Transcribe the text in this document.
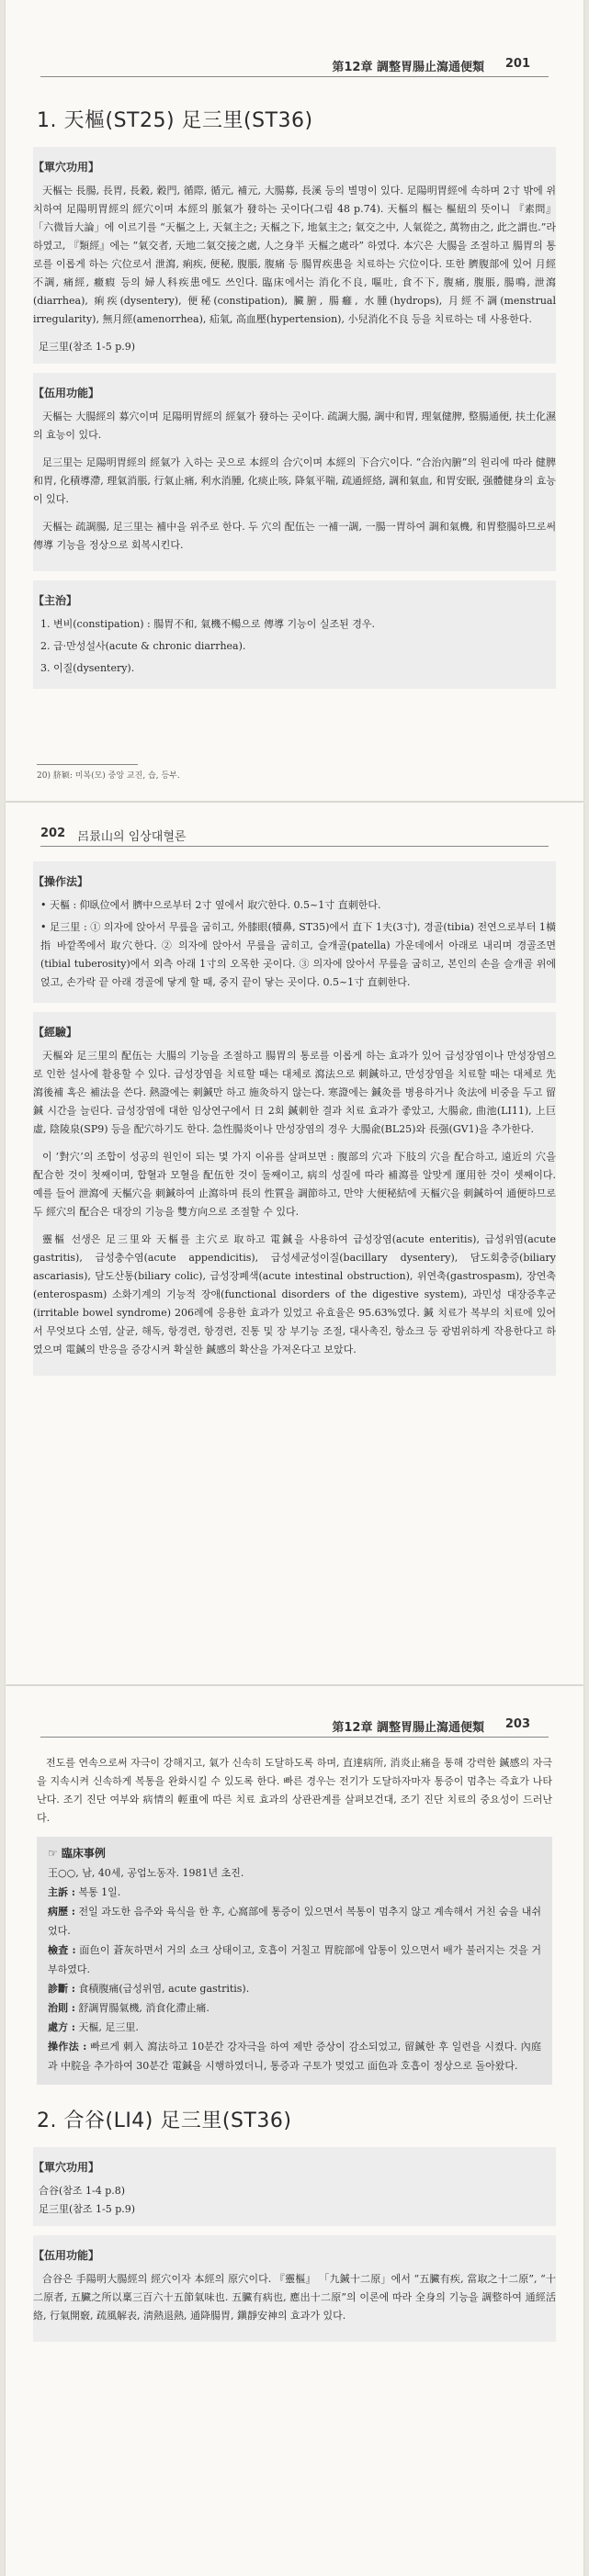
第12章 調整胃腸止瀉通便類 201
1. 天樞(ST25) 足三里(ST36)
【單穴功用】

天樞는 長腸, 長胃, 長穀, 穀門, 循際, 循元, 補元, 大腸募, 長溪 등의 별명이 있다. 足陽明胃經에 속하며 2寸 밖에 위치하여 足陽明胃經의 經穴이며 本經의 脈氣가 發하는 곳이다(그림 48 p.74). 天樞의 樞는 樞紐의 뜻이니 『素問』 「六微旨大論」에 이르기를 “天樞之上, 天氣主之; 天樞之下, 地氣主之; 氣交之中, 人氣從之, 萬物由之, 此之謂也.”라 하였고, 『類經』에는 “氣交者, 天地二氣交接之處, 人之身半 天樞之處라” 하였다. 本穴은 大腸을 조절하고 腸胃의 통로를 이롭게 하는 穴位로서 泄瀉, 痢疾, 便秘, 腹脹, 腹痛 등 腸胃疾患을 치료하는 穴位이다. 또한 臍腹部에 있어 月經不調, 痛經, 癥瘕 등의 婦人科疾患에도 쓰인다. 臨床에서는 消化不良, 嘔吐, 食不下, 腹痛, 腹脹, 腸鳴, 泄瀉(diarrhea), 痢疾(dysentery), 便秘(constipation), 臟腑, 腸癰, 水腫(hydrops), 月經不調(menstrual irregularity), 無月經(amenorrhea), 疝氣, 高血壓(hypertension), 小兒消化不良 등을 치료하는 데 사용한다.

足三里(참조 1-5 p.9)
【伍用功能】

天樞는 大腸經의 募穴이며 足陽明胃經의 經氣가 發하는 곳이다. 疏調大腸, 調中和胃, 理氣健脾, 整腸通便, 扶土化濕의 효능이 있다.

足三里는 足陽明胃經의 經氣가 入하는 곳으로 本經의 合穴이며 本經의 下合穴이다. “合治內腑”의 원리에 따라 健脾和胃, 化積導滯, 理氣消脹, 行氣止痛, 利水消腫, 化痰止咳, 降氣平喘, 疏通經絡, 調和氣血, 和胃安眠, 强體健身의 효능이 있다.

天樞는 疏調腸, 足三里는 補中을 위주로 한다. 두 穴의 配伍는 一補一調, 一腸一胃하여 調和氣機, 和胃整腸하므로써 傳導 기능을 정상으로 회복시킨다.

【主治】
1. 변비(constipation) : 腸胃不和, 氣機不暢으로 傳導 기능이 실조된 경우.
2. 급·만성설사(acute & chronic diarrhea).
3. 이질(dysentery).
20) 脐颖: 미복(모) 중앙 교진, 습, 등부.
202 呂景山의 임상대혈론
【操作法】
• 天樞 : 仰臥位에서 臍中으로부터 2寸 옆에서 取穴한다. 0.5~1寸 直刺한다.
• 足三里 : ① 의자에 앉아서 무릎을 굽히고, 外膝眼(犢鼻, ST35)에서 直下 1夫(3寸), 경골(tibia) 전연으로부터 1橫指 바깥쪽에서 取穴한다. ② 의자에 앉아서 무릎을 굽히고, 슬개골(patella) 가운데에서 아래로 내리며 경골조면(tibial tuberosity)에서 외측 아래 1寸의 오목한 곳이다. ③ 의자에 앉아서 무릎을 굽히고, 본인의 손을 슬개골 위에 얹고, 손가락 끝 아래 경골에 닿게 할 때, 중지 끝이 닿는 곳이다. 0.5~1寸 直刺한다.
【經驗】

天樞와 足三里의 配伍는 大腸의 기능을 조절하고 腸胃의 통로를 이롭게 하는 효과가 있어 급성장염이나 만성장염으로 인한 설사에 활용할 수 있다. 급성장염을 치료할 때는 대체로 瀉法으로 刺鍼하고, 만성장염을 치료할 때는 대체로 先瀉後補 혹은 補法을 쓴다. 熱證에는 刺鍼만 하고 施灸하지 않는다. 寒證에는 鍼灸를 병용하거나 灸法에 비중을 두고 留鍼 시간을 늘린다. 급성장염에 대한 임상연구에서 日 2회 鍼刺한 결과 치료 효과가 좋았고, 大腸兪, 曲池(LI11), 上巨虛, 陰陵泉(SP9) 등을 配穴하기도 한다. 急性腸炎이나 만성장염의 경우 大腸兪(BL25)와 長强(GV1)을 추가한다.

이 ‘對穴’의 조합이 성공의 원인이 되는 몇 가지 이유를 살펴보면 : 腹部의 穴과 下肢의 穴을 配合하고, 遠近의 穴을 配合한 것이 첫째이며, 합혈과 모혈을 配伍한 것이 둘째이고, 病의 성질에 따라 補瀉를 알맞게 運用한 것이 셋째이다. 예를 들어 泄瀉에 天樞穴을 刺鍼하여 止瀉하며 長의 性質을 調節하고, 만약 大便秘結에 天樞穴을 刺鍼하여 通便하므로 두 經穴의 配合은 대장의 기능을 雙方向으로 조절할 수 있다.

靈樞 선생은 足三里와 天樞를 主穴로 取하고 電鍼을 사용하여 급성장염(acute enteritis), 급성위염(acute gastritis), 급성충수염(acute appendicitis), 급성세균성이질(bacillary dysentery), 담도회충증(biliary ascariasis), 담도산통(biliary colic), 급성장폐색(acute intestinal obstruction), 위연축(gastrospasm), 장연축(enterospasm) 소화기계의 기능적 장애(functional disorders of the digestive system), 과민성 대장증후군(irritable bowel syndrome) 206례에 응용한 효과가 있었고 유효율은 95.63%였다. 鍼 치료가 복부의 치료에 있어서 무엇보다 소염, 살균, 해독, 항경련, 항경련, 진통 및 장 부기능 조절, 대사촉진, 항쇼크 등 광범위하게 작용한다고 하였으며 電鍼의 반응을 증강시켜 확실한 鍼感의 확산을 가져온다고 보았다.

第12章 調整胃腸止瀉通便類 203

전도를 연속으로써 자극이 강해지고, 氣가 신속히 도달하도록 하며, 直達病所, 消炎止痛을 통해 강력한 鍼感의 자극을 지속시켜 신속하게 복통을 완화시킬 수 있도록 한다. 빠른 경우는 전기가 도달하자마자 통증이 멈추는 즉효가 나타난다. 조기 진단 여부와 病情의 輕重에 따른 치료 효과의 상관관계를 살펴보건대, 조기 진단 치료의 중요성이 드러난다.

☞ 臨床事例
王○○, 남, 40세, 공업노동자. 1981년 초진.
主訴 : 복통 1일.
病歷 : 전일 과도한 음주와 육식을 한 후, 心窩部에 통증이 있으면서 복통이 멈추지 않고 계속해서 거친 숨을 내쉬었다.
檢査 : 面色이 蒼灰하면서 거의 쇼크 상태이고, 호흡이 거칠고 胃脘部에 압통이 있으면서 배가 불러지는 것을 거부하였다.
診斷 : 食積腹痛(급성위염, acute gastritis).
治則 : 舒調胃腸氣機, 消食化滯止痛.
處方 : 天樞, 足三里.
操作法 : 빠르게 刺入 瀉法하고 10분간 강자극을 하여 제반 증상이 감소되었고, 留鍼한 후 일련을 시켰다. 內庭과 中脘을 추가하여 30분간 電鍼을 시행하였더니, 통증과 구토가 멎었고 面色과 호흡이 정상으로 돌아왔다.
2. 合谷(LI4) 足三里(ST36)
【單穴功用】
合谷(참조 1-4 p.8)
足三里(참조 1-5 p.9)
【伍用功能】

合谷은 手陽明大腸經의 經穴이자 本經의 原穴이다. 『靈樞』 「九鍼十二原」에서 “五臟有疾, 當取之十二原”, “十二原者, 五臟之所以稟三百六十五節氣味也. 五臟有病也, 應出十二原”의 이론에 따라 全身의 기능을 調整하여 通經活絡, 行氣開竅, 疏風解表, 淸熱退熱, 通降腸胃, 鎭靜安神의 효과가 있다.
